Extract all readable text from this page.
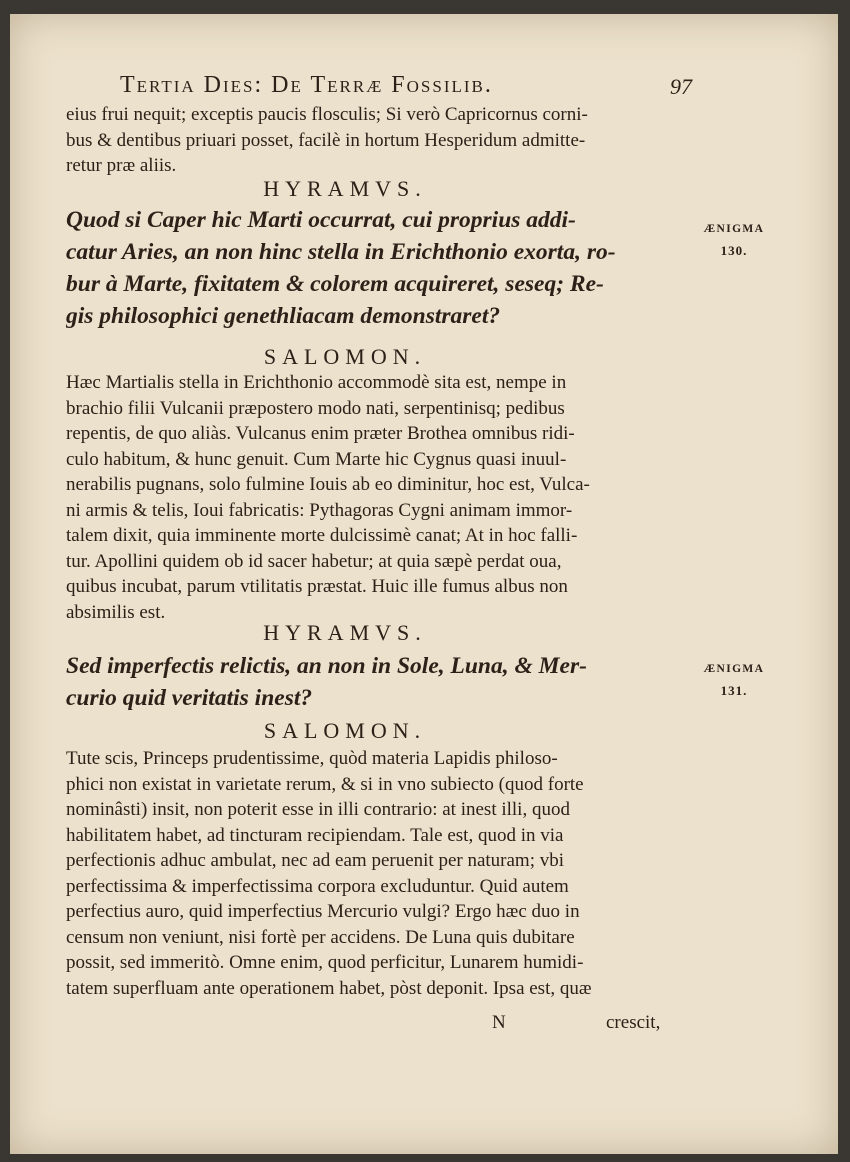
Tertia Dies: De Terræ Fossilib.	97
eius frui nequit; exceptis paucis flosculis; Si verò Capricornus corni-
bus & dentibus priuari posset, facilè in hortum Hesperidum admitte-
retur præ aliis.
HYRAMVS.
Quod si Caper hic Marti occurrat, cui proprius addi-
catur Aries, an non hinc stella in Erichthonio exorta, ro-
bur à Marte, fixitatem & colorem acquireret, seseq; Re-
gis philosophici genethliacam demonstraret?
ÆNIGMA
130.
SALOMON.
Hæc Martialis stella in Erichthonio accommodè sita est, nempe in
brachio filii Vulcanii præpostero modo nati, serpentinisq; pedibus
repentis, de quo aliàs. Vulcanus enim præter Brothea omnibus ridi-
culo habitum, & hunc genuit. Cum Marte hic Cygnus quasi inuul-
nerabilis pugnans, solo fulmine Iouis ab eo diminitur, hoc est, Vulca-
ni armis & telis, Ioui fabricatis: Pythagoras Cygni animam immor-
talem dixit, quia imminente morte dulcissimè canat; At in hoc falli-
tur. Apollini quidem ob id sacer habetur; at quia sæpè perdat oua,
quibus incubat, parum vtilitatis præstat. Huic ille fumus albus non
absimilis est.
HYRAMVS.
Sed imperfectis relictis, an non in Sole, Luna, & Mer-
curio quid veritatis inest?
ÆNIGMA
131.
SALOMON.
Tute scis, Princeps prudentissime, quòd materia Lapidis philoso-
phici non existat in varietate rerum, & si in vno subiecto (quod forte
nominâsti) insit, non poterit esse in illi contrario: at inest illi, quod
habilitatem habet, ad tincturam recipiendam. Tale est, quod in via
perfectionis adhuc ambulat, nec ad eam peruenit per naturam; vbi
perfectissima & imperfectissima corpora excluduntur. Quid autem
perfectius auro, quid imperfectius Mercurio vulgi? Ergo hæc duo in
censum non veniunt, nisi fortè per accidens. De Luna quis dubitare
possit, sed immeritò. Omne enim, quod perficitur, Lunarem humidi-
tatem superfluam ante operationem habet, pòst deponit. Ipsa est, quæ
N	crescit,
